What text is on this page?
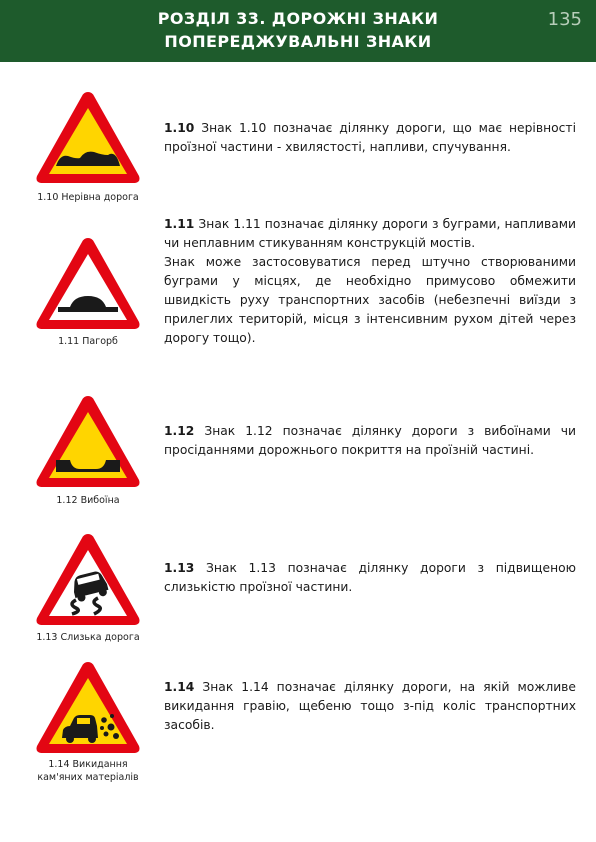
РОЗДІЛ 33. ДОРОЖНІ ЗНАКИ
ПОПЕРЕДЖУВАЛЬНІ ЗНАКИ
135
1.10 Нерівна дорога

1.10 Знак 1.10 позначає ділянку дороги, що має нерівності проїзної частини - хвилястості, напливи, спучування.

1.11 Пагорб

1.11 Знак 1.11 позначає ділянку дороги з буграми, напливами чи неплавним стикуванням конструкцій мостів.

Знак може застосовуватися перед штучно створюваними буграми у місцях, де необхідно примусово обмежити швидкість руху транспортних засобів (небезпечні виїзди з прилеглих територій, місця з інтенсивним рухом дітей через дорогу тощо).

1.12 Вибоїна

1.12 Знак 1.12 позначає ділянку дороги з вибоїнами чи просіданнями дорожнього покриття на проїзній частині.

1.13 Слизька дорога

1.13 Знак 1.13 позначає ділянку дороги з підвищеною слизькістю проїзної частини.

1.14 Викидання
кам'яних матеріалів

1.14 Знак 1.14 позначає ділянку дороги, на якій можливе викидання гравію, щебеню тощо з-під коліс транспортних засобів.
